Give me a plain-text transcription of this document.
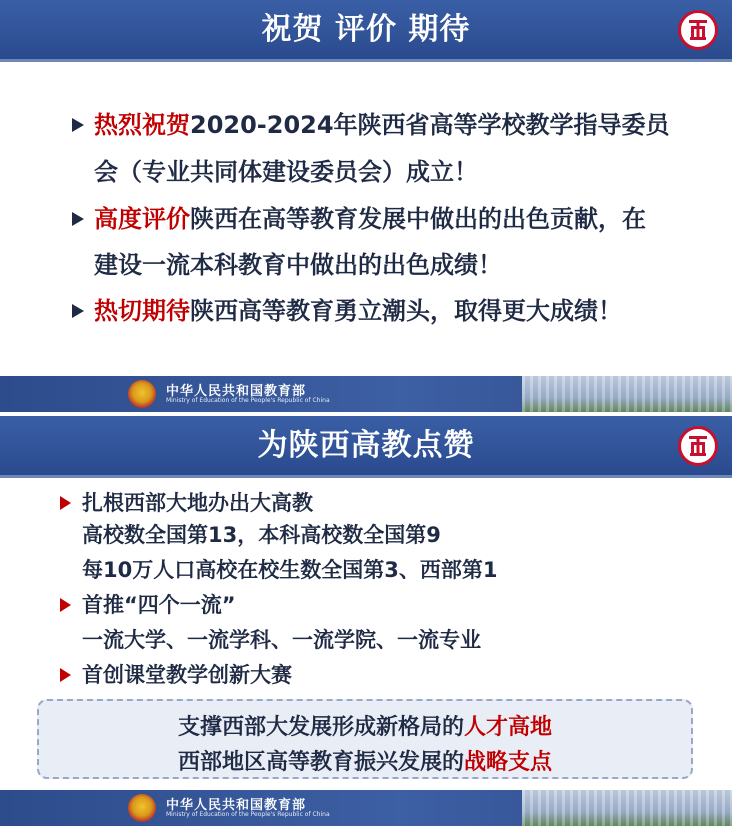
祝贺 评价 期待
热烈祝贺2020-2024年陕西省高等学校教学指导委员
会（专业共同体建设委员会）成立！
高度评价陕西在高等教育发展中做出的出色贡献，在
建设一流本科教育中做出的出色成绩！
热切期待陕西高等教育勇立潮头，取得更大成绩！
中华人民共和国教育部
Ministry of Education of the People's Republic of China
为陕西高教点赞
扎根西部大地办出大高教
高校数全国第13，本科高校数全国第9
每10万人口高校在校生数全国第3、西部第1
首推“四个一流”
一流大学、一流学科、一流学院、一流专业
首创课堂教学创新大赛
支撑西部大发展形成新格局的人才高地
西部地区高等教育振兴发展的战略支点
中华人民共和国教育部
Ministry of Education of the People's Republic of China
